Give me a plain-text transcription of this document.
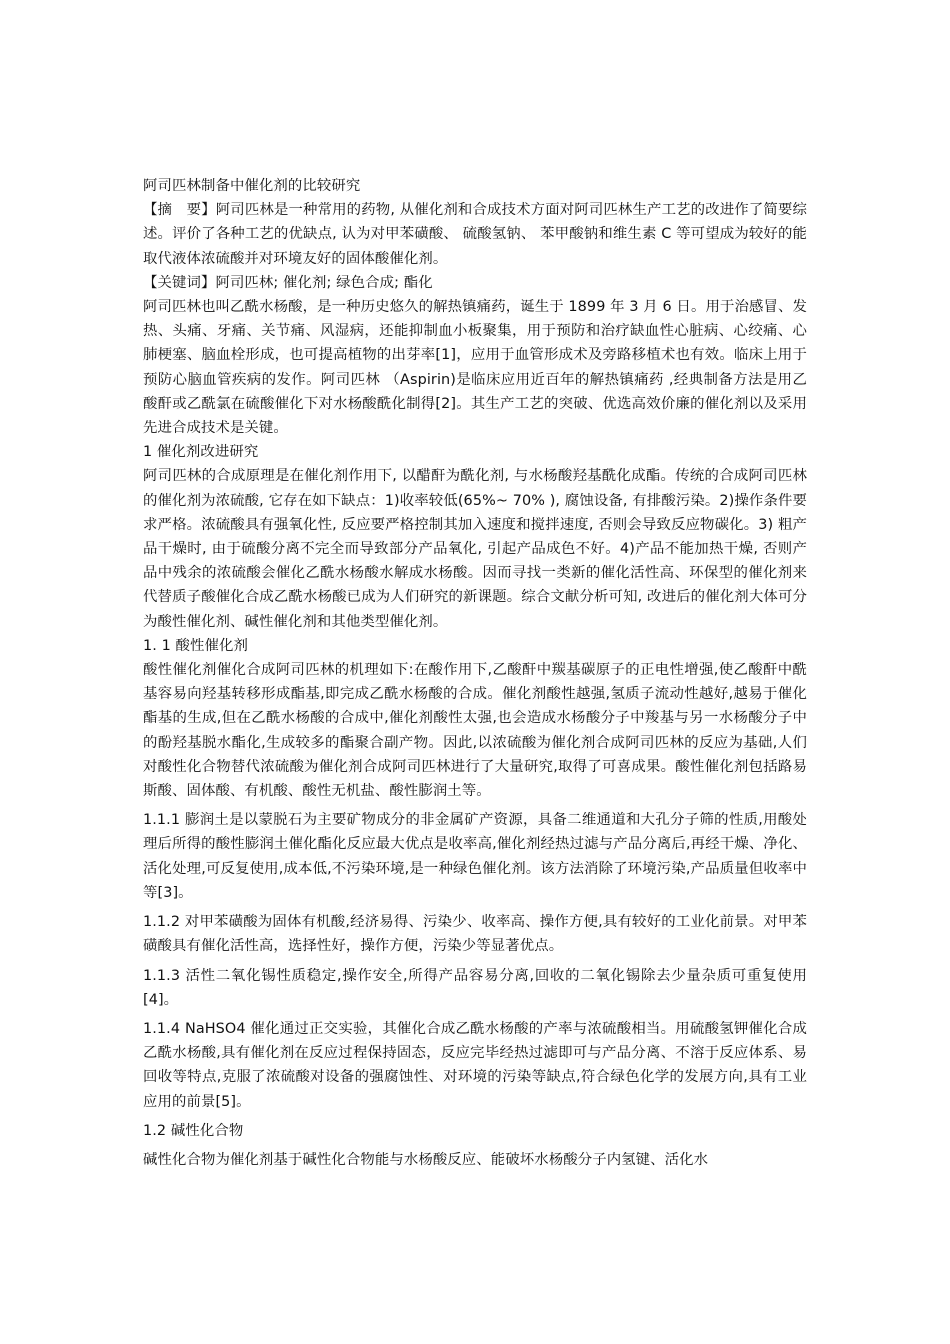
阿司匹林制备中催化剂的比较研究

【摘　要】阿司匹林是一种常用的药物, 从催化剂和合成技术方面对阿司匹林生产工艺的改进作了简要综述。评价了各种工艺的优缺点, 认为对甲苯磺酸、 硫酸氢钠、 苯甲酸钠和维生素 C 等可望成为较好的能取代液体浓硫酸并对环境友好的固体酸催化剂。

【关键词】阿司匹林; 催化剂; 绿色合成; 酯化

阿司匹林也叫乙酰水杨酸，是一种历史悠久的解热镇痛药，诞生于 1899 年 3 月 6 日。用于治感冒、发热、头痛、牙痛、关节痛、风湿病，还能抑制血小板聚集，用于预防和治疗缺血性心脏病、心绞痛、心肺梗塞、脑血栓形成，也可提高植物的出芽率[1]，应用于血管形成术及旁路移植术也有效。临床上用于预防心脑血管疾病的发作。阿司匹林 （Aspirin)是临床应用近百年的解热镇痛药 ,经典制备方法是用乙酸酐或乙酰氯在硫酸催化下对水杨酸酰化制得[2]。其生产工艺的突破、优选高效价廉的催化剂以及采用先进合成技术是关键。

1 催化剂改进研究

阿司匹林的合成原理是在催化剂作用下, 以醋酐为酰化剂, 与水杨酸羟基酰化成酯。传统的合成阿司匹林的催化剂为浓硫酸, 它存在如下缺点：1)收率较低(65%~ 70% ), 腐蚀设备, 有排酸污染。2)操作条件要求严格。浓硫酸具有强氧化性, 反应要严格控制其加入速度和搅拌速度, 否则会导致反应物碳化。3) 粗产品干燥时, 由于硫酸分离不完全而导致部分产品氧化, 引起产品成色不好。4)产品不能加热干燥, 否则产品中残余的浓硫酸会催化乙酰水杨酸水解成水杨酸。因而寻找一类新的催化活性高、环保型的催化剂来代替质子酸催化合成乙酰水杨酸已成为人们研究的新课题。综合文献分析可知, 改进后的催化剂大体可分为酸性催化剂、碱性催化剂和其他类型催化剂。

1. 1 酸性催化剂

酸性催化剂催化合成阿司匹林的机理如下:在酸作用下,乙酸酐中羰基碳原子的正电性增强,使乙酸酐中酰基容易向羟基转移形成酯基,即完成乙酰水杨酸的合成。催化剂酸性越强,氢质子流动性越好,越易于催化酯基的生成,但在乙酰水杨酸的合成中,催化剂酸性太强,也会造成水杨酸分子中羧基与另一水杨酸分子中的酚羟基脱水酯化,生成较多的酯聚合副产物。因此,以浓硫酸为催化剂合成阿司匹林的反应为基础,人们对酸性化合物替代浓硫酸为催化剂合成阿司匹林进行了大量研究,取得了可喜成果。酸性催化剂包括路易斯酸、固体酸、有机酸、酸性无机盐、酸性膨润土等。

1.1.1 膨润土是以蒙脱石为主要矿物成分的非金属矿产资源，具备二维通道和大孔分子筛的性质,用酸处理后所得的酸性膨润土催化酯化反应最大优点是收率高,催化剂经热过滤与产品分离后,再经干燥、净化、活化处理,可反复使用,成本低,不污染环境,是一种绿色催化剂。该方法消除了环境污染,产品质量但收率中等[3]。

1.1.2 对甲苯磺酸为固体有机酸,经济易得、污染少、收率高、操作方便,具有较好的工业化前景。对甲苯磺酸具有催化活性高，选择性好，操作方便，污染少等显著优点。

1.1.3 活性二氧化锡性质稳定,操作安全,所得产品容易分离,回收的二氧化锡除去少量杂质可重复使用[4]。

1.1.4 NaHSO4 催化通过正交实验，其催化合成乙酰水杨酸的产率与浓硫酸相当。用硫酸氢钾催化合成乙酰水杨酸,具有催化剂在反应过程保持固态，反应完毕经热过滤即可与产品分离、不溶于反应体系、易回收等特点,克服了浓硫酸对设备的强腐蚀性、对环境的污染等缺点,符合绿色化学的发展方向,具有工业应用的前景[5]。

1.2 碱性化合物

碱性化合物为催化剂基于碱性化合物能与水杨酸反应、能破坏水杨酸分子内氢键、活化水
